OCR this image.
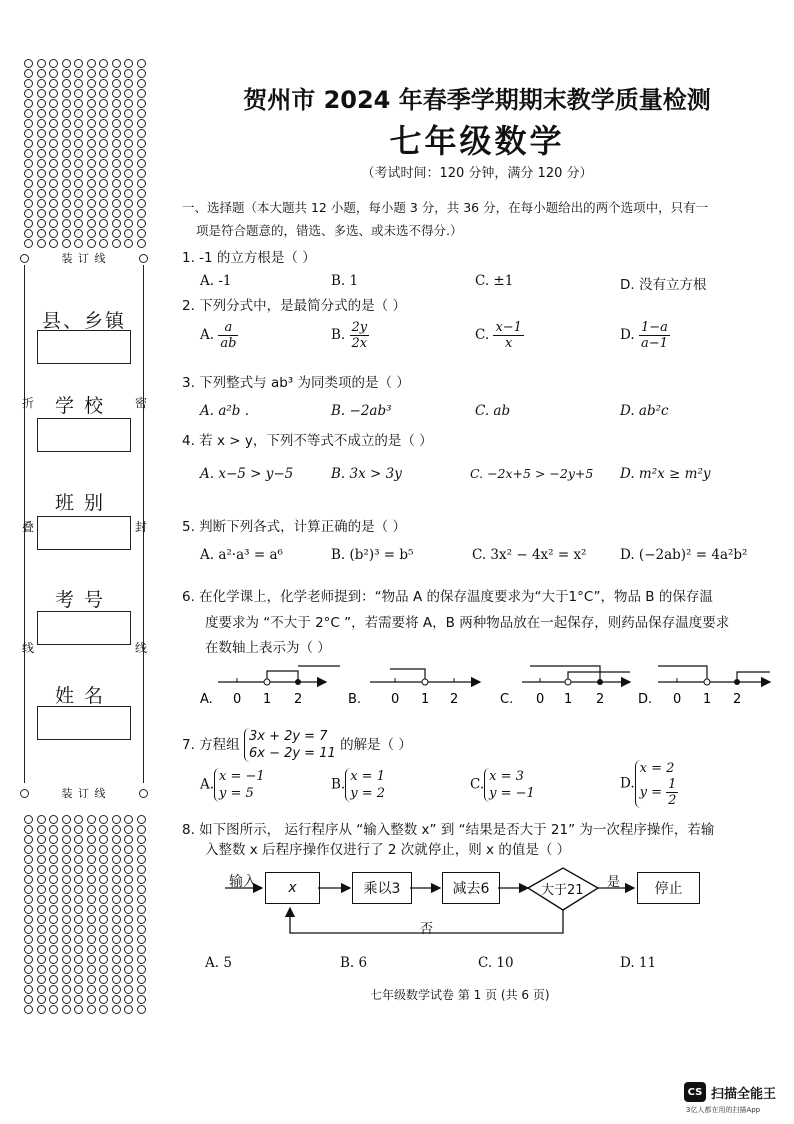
装 订 线
县、乡镇
学校
班别
考号
姓名
折
叠
线
密
封
线
装 订 线
贺州市 2024 年春季学期期末教学质量检测
七年级数学
（考试时间：120 分钟，满分 120 分）
一、选择题（本大题共 12 小题，每小题 3 分，共 36 分，在每小题给出的两个选项中，只有一
项是符合题意的，错选、多选、或未选不得分.）
1. -1 的立方根是（ ）
A. -1	B. 1	C. ±1	D. 没有立方根
2. 下列分式中，是最简分式的是（ ）
A. $\frac{a}{ab}$	B. $\frac{2y}{2x}$	C. $\frac{x-1}{x}$	D. $\frac{1-a}{a-1}$
3. 下列整式与 ab³ 为同类项的是（ ）
A. a²b .	B. −2ab³	C. ab	D. ab²c
4. 若 x > y，下列不等式不成立的是（ ）
A. x−5 > y−5	B. 3x > 3y	C. −2x+5 > −2y+5 D. m²x ≥ m²y
5. 判断下列各式，计算正确的是（ ）
A. a²·a³ = a⁶	B. (b²)³ = b⁵	C. 3x² − 4x² = x² D. (−2ab)² = 4a²b²
6. 在化学课上，化学老师提到：“物品 A 的保存温度要求为“大于1°C”，物品 B 的保存温
度要求为 “不大于 2°C ”，若需要将 A，B 两种物品放在一起保存，则药品保存温度要求
在数轴上表示为（ ）
A. 0 1 2	B. 0 1 2	C. 0 1 2	D. 0 1 2
7. 方程组 3x + 2y = 7
6x − 2y = 11 的解是（ ）
A. x = −1
y = 5
B. x = 1
y = 2
C. x = 3
y = −1
D.x = 2
$y = \frac{1}{2}$
8. 如下图所示， 运行程序从 “输入整数 x” 到 “结果是否大于 21” 为一次程序操作，若输
入整数 x 后程序操作仅进行了 2 次就停止，则 x 的值是（ ）
输入 x	乘以3	减去6	大于21
是	停止
否
A. 5	B. 6	C. 10	D. 11
七年级数学试卷 第 1 页 (共 6 页)
CS 扫描全能王
3亿人都在用的扫描App
